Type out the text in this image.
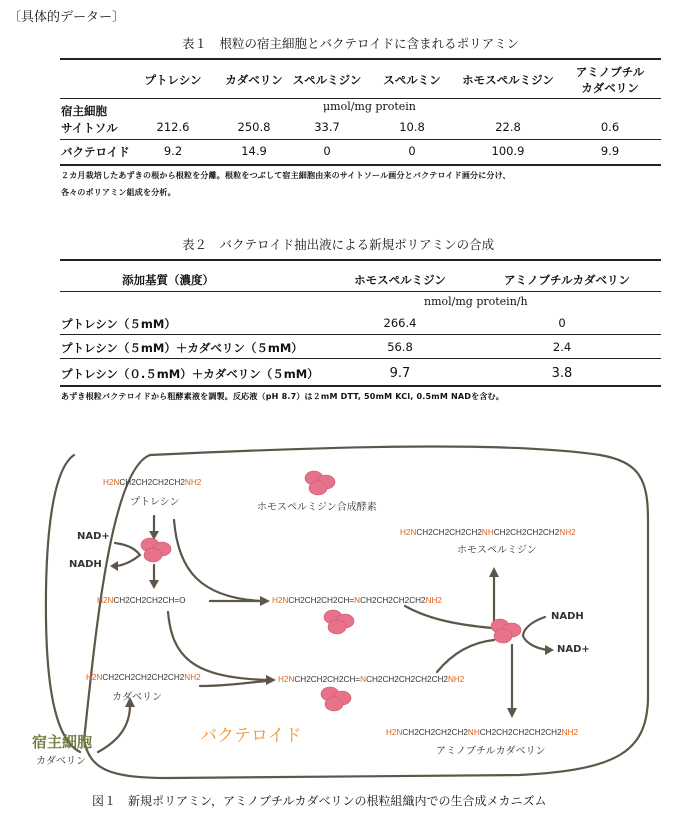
〔具体的データー〕
表１　根粒の宿主細胞とバクテロイドに含まれるポリアミン
プトレシン カダベリン スペルミジン スペルミン ホモスペルミジン
アミノブチル
カダベリン
μmol/mg protein
宿主細胞
サイトソル	212.6	250.8	33.7	10.8	22.8	0.6
バクテロイド	9.2	14.9	0	0	100.9	9.9
２カ月栽培したあずきの根から根粒を分離。根粒をつぶして宿主細胞由来のサイトソール画分とバクテロイド画分に分け、
各々のポリアミン組成を分析。
表２　バクテロイド抽出液による新規ポリアミンの合成
添加基質（濃度）	ホモスペルミジン	アミノブチルカダベリン
nmol/mg protein/h
プトレシン（５mM）	266.4	0
プトレシン（５mM）＋カダベリン（５mM）	56.8	2.4
プトレシン（０.５mM）＋カダベリン（５mM）	9.7	3.8
あずき根粒バクテロイドから粗酵素液を調製。反応液（pH 8.7）は２mM DTT, 50mM KCl, 0.5mM NADを含む。
H2NCH2CH2CH2CH2NH2
プトレシン	ホモスペルミジン合成酵素
NAD+
NADH
H2NCH2CH2CH2CH=O	H2NCH2CH2CH2CH=NCH2CH2CH2CH2NH2
H2NCH2CH2CH2CH2NHCH2CH2CH2CH2NH2
ホモスペルミジン
NADH
NAD+
H2NCH2CH2CH2CH2CH2NH2
カダベリン
H2NCH2CH2CH2CH=NCH2CH2CH2CH2CH2NH2
バクテロイド	H2NCH2CH2CH2CH2NHCH2CH2CH2CH2CH2NH2
アミノブチルカダベリン
宿主細胞
カダベリン
図１　新規ポリアミン，アミノブチルカダベリンの根粒組織内での生合成メカニズム
